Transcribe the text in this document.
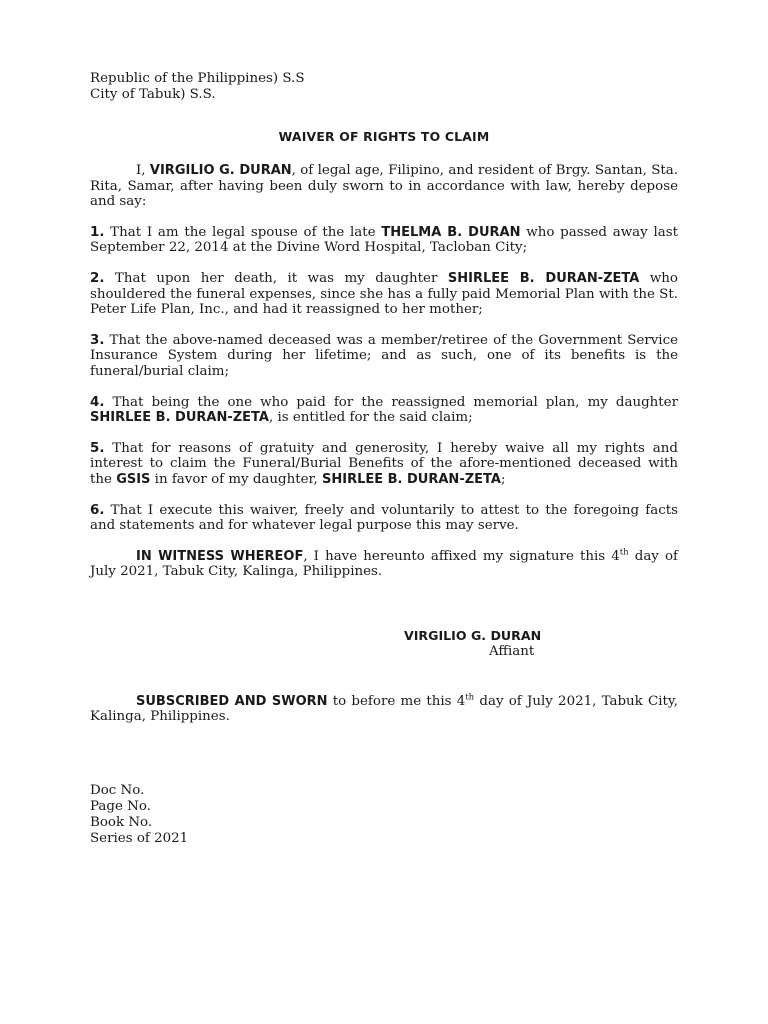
Republic of the Philippines) S.S
City of Tabuk) S.S.
WAIVER OF RIGHTS TO CLAIM

I, VIRGILIO G. DURAN, of legal age, Filipino, and resident of Brgy. Santan, Sta. Rita, Samar, after having been duly sworn to in accordance with law, hereby depose and say:

1. That I am the legal spouse of the late THELMA B. DURAN who passed away last September 22, 2014 at the Divine Word Hospital, Tacloban City;

2. That upon her death, it was my daughter SHIRLEE B. DURAN-ZETA who shouldered the funeral expenses, since she has a fully paid Memorial Plan with the St. Peter Life Plan, Inc., and had it reassigned to her mother;

3. That the above-named deceased was a member/retiree of the Government Service Insurance System during her lifetime; and as such, one of its benefits is the funeral/burial claim;

4. That being the one who paid for the reassigned memorial plan, my daughter SHIRLEE B. DURAN-ZETA, is entitled for the said claim;

5. That for reasons of gratuity and generosity, I hereby waive all my rights and interest to claim the Funeral/Burial Benefits of the afore-mentioned deceased with the GSIS in favor of my daughter, SHIRLEE B. DURAN-ZETA;

6. That I execute this waiver, freely and voluntarily to attest to the foregoing facts and statements and for whatever legal purpose this may serve.

IN WITNESS WHEREOF, I have hereunto affixed my signature this 4th day of July 2021, Tabuk City, Kalinga, Philippines.

VIRGILIO G. DURAN
Affiant

SUBSCRIBED AND SWORN to before me this 4th day of July 2021, Tabuk City, Kalinga, Philippines.

Doc No.
Page No.
Book No.
Series of 2021
